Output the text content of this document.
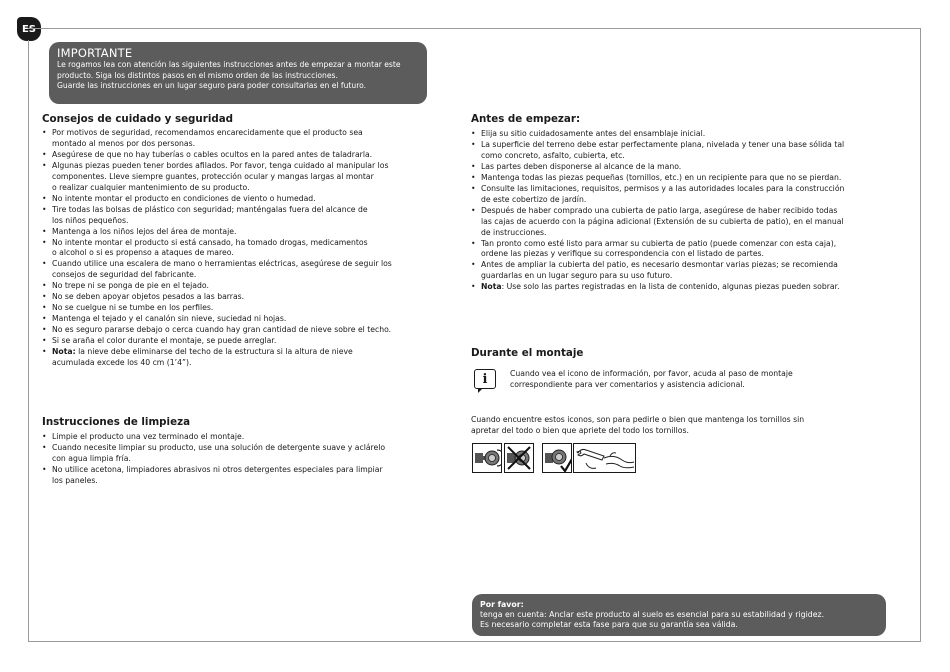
ES
IMPORTANTE
Le rogamos lea con atención las siguientes instrucciones antes de empezar a montar este
producto. Siga los distintos pasos en el mismo orden de las instrucciones.
Guarde las instrucciones en un lugar seguro para poder consultarlas en el futuro.
Consejos de cuidado y seguridad
• Por motivos de seguridad, recomendamos encarecidamente que el producto sea
montado al menos por dos personas.
• Asegúrese de que no hay tuberías o cables ocultos en la pared antes de taladrarla.
• Algunas piezas pueden tener bordes afilados. Por favor, tenga cuidado al manipular los
componentes. Lleve siempre guantes, protección ocular y mangas largas al montar
o realizar cualquier mantenimiento de su producto.
• No intente montar el producto en condiciones de viento o humedad.
• Tire todas las bolsas de plástico con seguridad; manténgalas fuera del alcance de
los niños pequeños.
• Mantenga a los niños lejos del área de montaje.
• No intente montar el producto si está cansado, ha tomado drogas, medicamentos
o alcohol o si es propenso a ataques de mareo.
• Cuando utilice una escalera de mano o herramientas eléctricas, asegúrese de seguir los
consejos de seguridad del fabricante.
• No trepe ni se ponga de pie en el tejado.
• No se deben apoyar objetos pesados a las barras.
• No se cuelgue ni se tumbe en los perfiles.
• Mantenga el tejado y el canalón sin nieve, suciedad ni hojas.
• No es seguro pararse debajo o cerca cuando hay gran cantidad de nieve sobre el techo.
• Si se araña el color durante el montaje, se puede arreglar.
• Nota: la nieve debe eliminarse del techo de la estructura si la altura de nieve
acumulada excede los 40 cm (1’4”).
Instrucciones de limpieza
• Limpie el producto una vez terminado el montaje.
• Cuando necesite limpiar su producto, use una solución de detergente suave y aclárelo
con agua limpia fría.
• No utilice acetona, limpiadores abrasivos ni otros detergentes especiales para limpiar
los paneles.
Antes de empezar:
• Elija su sitio cuidadosamente antes del ensamblaje inicial.
• La superficie del terreno debe estar perfectamente plana, nivelada y tener una base sólida tal
como concreto, asfalto, cubierta, etc.
• Las partes deben disponerse al alcance de la mano.
• Mantenga todas las piezas pequeñas (tornillos, etc.) en un recipiente para que no se pierdan.
• Consulte las limitaciones, requisitos, permisos y a las autoridades locales para la construcción
de este cobertizo de jardín.
• Después de haber comprado una cubierta de patio larga, asegúrese de haber recibido todas
las cajas de acuerdo con la página adicional (Extensión de su cubierta de patio), en el manual
de instrucciones.
• Tan pronto como esté listo para armar su cubierta de patio (puede comenzar con esta caja),
ordene las piezas y verifique su correspondencia con el listado de partes.
• Antes de ampliar la cubierta del patio, es necesario desmontar varias piezas; se recomienda
guardarlas en un lugar seguro para su uso futuro.
• Nota: Use solo las partes registradas en la lista de contenido, algunas piezas pueden sobrar.
Durante el montaje
i	Cuando vea el icono de información, por favor, acuda al paso de montaje
correspondiente para ver comentarios y asistencia adicional.
Cuando encuentre estos iconos, son para pedirle o bien que mantenga los tornillos sin
apretar del todo o bien que apriete del todo los tornillos.
Por favor:
tenga en cuenta: Anclar este producto al suelo es esencial para su estabilidad y rigidez.
Es necesario completar esta fase para que su garantía sea válida.
